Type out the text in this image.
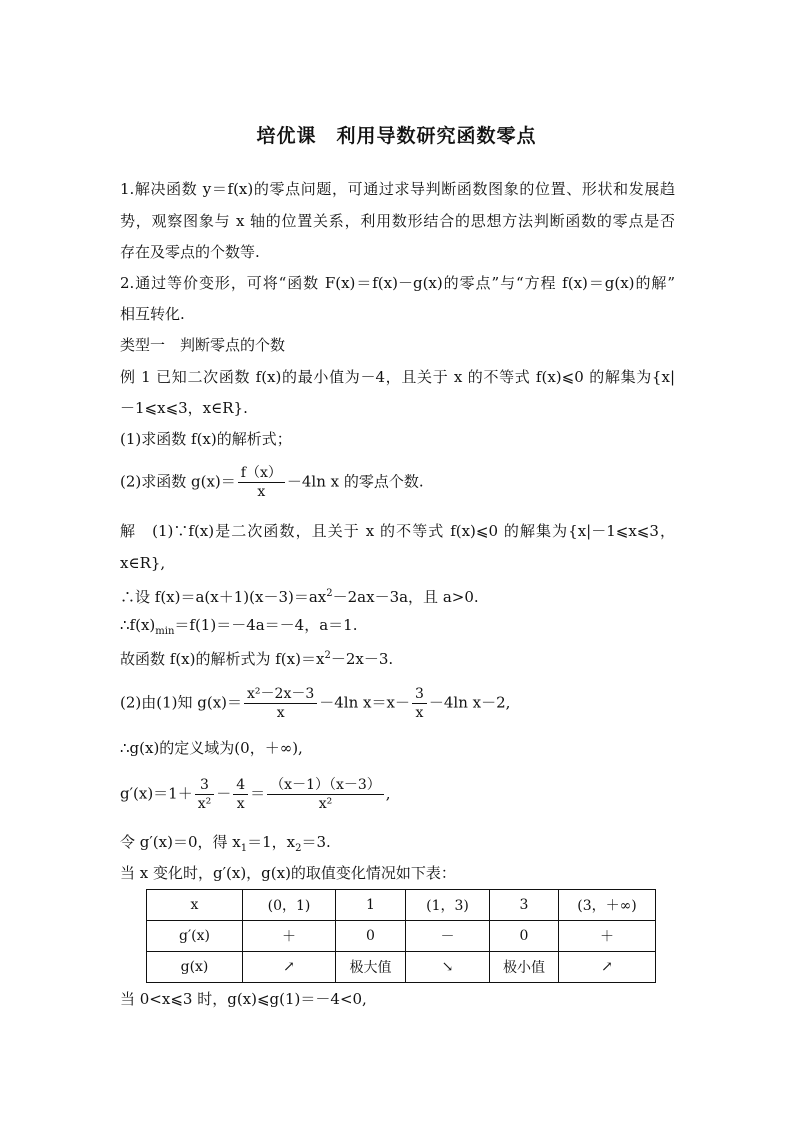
培优课　利用导数研究函数零点
1.解决函数 y＝f(x)的零点问题，可通过求导判断函数图象的位置、形状和发展趋
势，观察图象与 x 轴的位置关系，利用数形结合的思想方法判断函数的零点是否
存在及零点的个数等.
2.通过等价变形，可将“函数 F(x)＝f(x)－g(x)的零点”与“方程 f(x)＝g(x)的解”
相互转化.
类型一　判断零点的个数
例 1 已知二次函数 f(x)的最小值为－4，且关于 x 的不等式 f(x)⩽0 的解集为{x|
－1⩽x⩽3，x∈R}.
(1)求函数 f(x)的解析式；
(2)求函数 $g(x)= \frac{f(x)}{x} -4\ln$ x 的零点个数.
解　(1)∵f(x)是二次函数，且关于 x 的不等式 f(x)⩽0 的解集为{x|－1⩽x⩽3，
x∈R},
∴设 $f(x)=a(x+1)(x-3)=ax^2-2ax-3a$，且 a>0.
$\therefore f(x)_{min}=f(1)=-4a=-4$，a＝1.
故函数 f(x)的解析式为 $f(x)=x^2-2x-3$.
(2)由(1)知 $g(x)= \frac{\text{x²－2x－3}}{x} -4\ln$ $x=x- \frac{3}{x} -4\ln$ x－2,
∴g(x)的定义域为(0，＋∞),
$g'(x)=1+ \frac{3}{\text{x²}} - \frac{4}{x} = \frac{(x-1)(x-3)}{\text{x²}}$ ,
令 g′(x)＝0，得 $x_1=1$，$x_2=3$.
当 x 变化时，g′(x)，g(x)的取值变化情况如下表：
x	(0，1)	1	(1，3)	3	(3，＋∞)
g′(x)	＋	0	－	0	＋
g(x)	↗	极大值	↘	极小值	↗
当 0<x⩽3 时，g(x)⩽g(1)＝－4<0,
